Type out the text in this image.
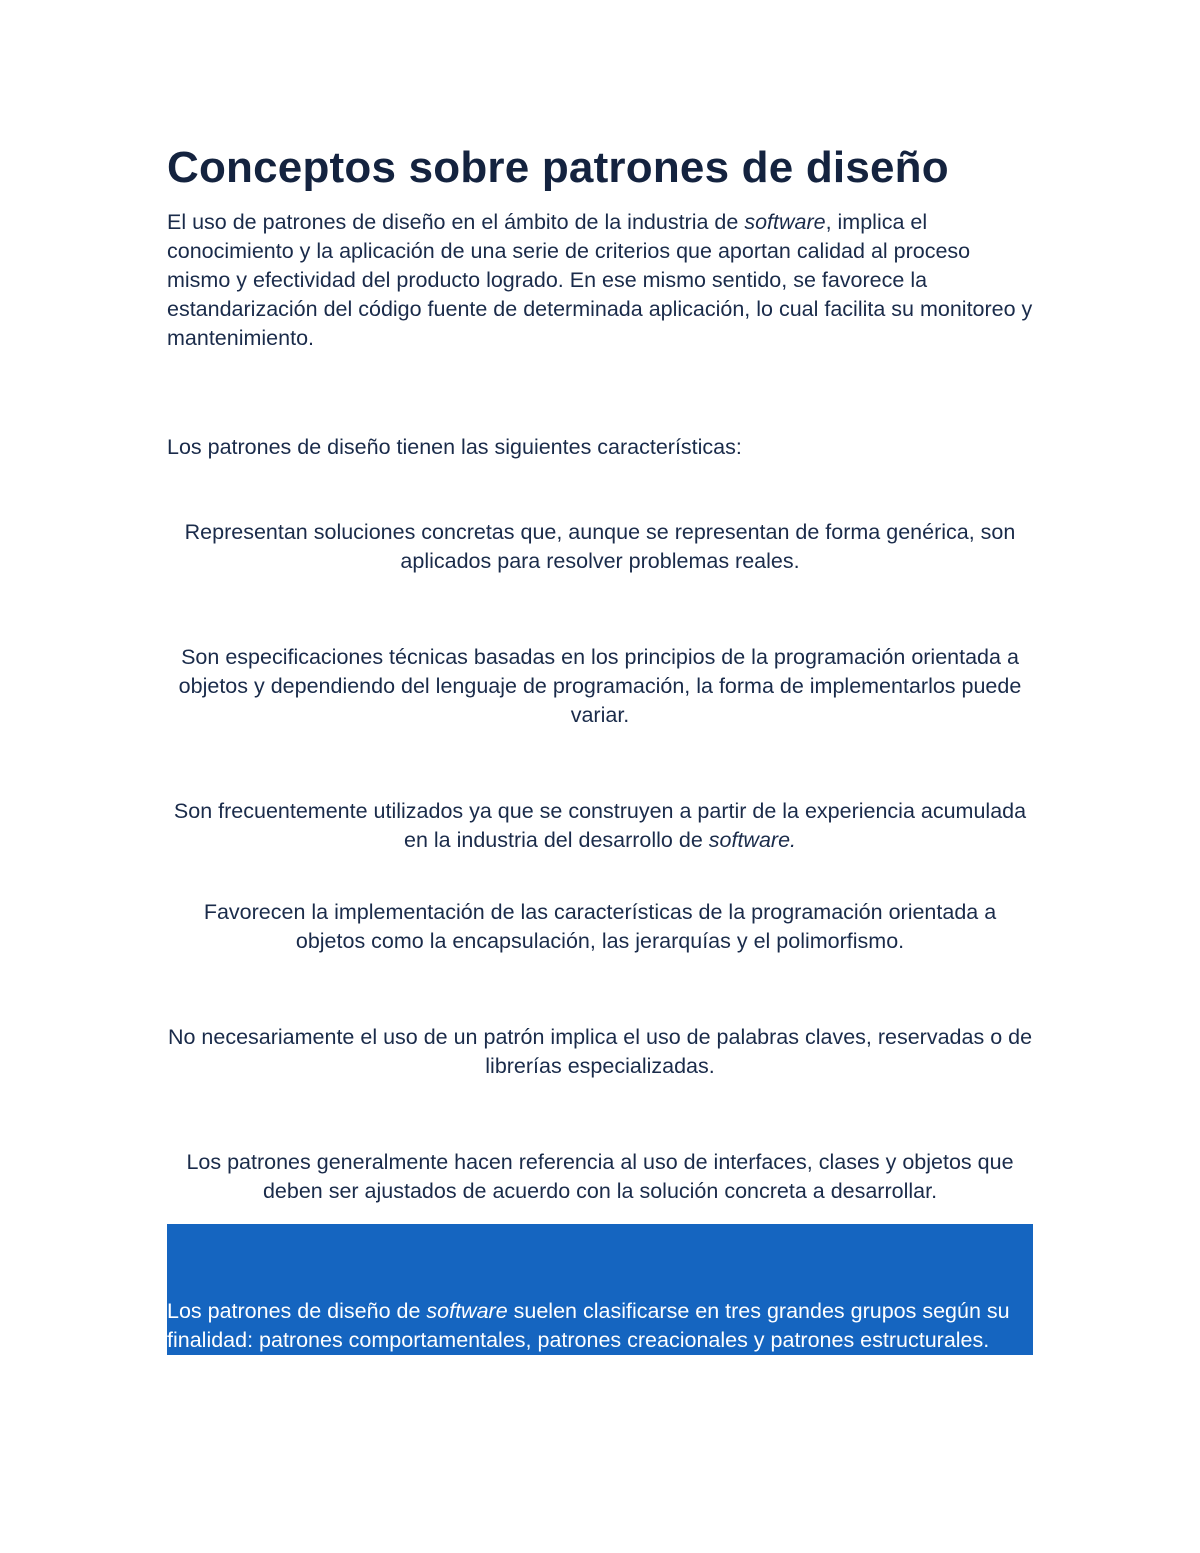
Conceptos sobre patrones de diseño

El uso de patrones de diseño en el ámbito de la industria de software, implica el conocimiento y la aplicación de una serie de criterios que aportan calidad al proceso mismo y efectividad del producto logrado. En ese mismo sentido, se favorece la estandarización del código fuente de determinada aplicación, lo cual facilita su monitoreo y mantenimiento.

Los patrones de diseño tienen las siguientes características:

Representan soluciones concretas que, aunque se representan de forma genérica, son aplicados para resolver problemas reales.

Son especificaciones técnicas basadas en los principios de la programación orientada a objetos y dependiendo del lenguaje de programación, la forma de implementarlos puede variar.

Son frecuentemente utilizados ya que se construyen a partir de la experiencia acumulada en la industria del desarrollo de software.

Favorecen la implementación de las características de la programación orientada a objetos como la encapsulación, las jerarquías y el polimorfismo.

No necesariamente el uso de un patrón implica el uso de palabras claves, reservadas o de librerías especializadas.

Los patrones generalmente hacen referencia al uso de interfaces, clases y objetos que deben ser ajustados de acuerdo con la solución concreta a desarrollar.

Los patrones de diseño de software suelen clasificarse en tres grandes grupos según su finalidad: patrones comportamentales, patrones creacionales y patrones estructurales.
